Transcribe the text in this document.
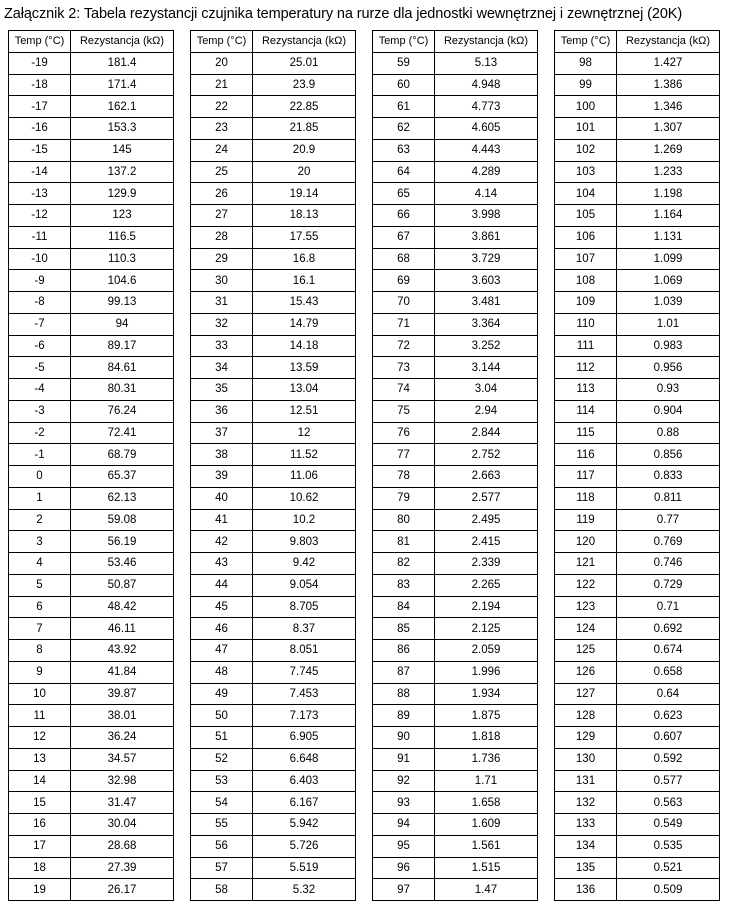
Załącznik 2: Tabela rezystancji czujnika temperatury na rurze dla jednostki wewnętrznej i zewnętrznej (20K)
Temp (°C)	Rezystancja (kΩ)
-19	181.4
-18	171.4
-17	162.1
-16	153.3
-15	145
-14	137.2
-13	129.9
-12	123
-11	116.5
-10	110.3
-9	104.6
-8	99.13
-7	94
-6	89.17
-5	84.61
-4	80.31
-3	76.24
-2	72.41
-1	68.79
0	65.37
1	62.13
2	59.08
3	56.19
4	53.46
5	50.87
6	48.42
7	46.11
8	43.92
9	41.84
10	39.87
11	38.01
12	36.24
13	34.57
14	32.98
15	31.47
16	30.04
17	28.68
18	27.39
19	26.17
Temp (°C)	Rezystancja (kΩ)
20	25.01
21	23.9
22	22.85
23	21.85
24	20.9
25	20
26	19.14
27	18.13
28	17.55
29	16.8
30	16.1
31	15.43
32	14.79
33	14.18
34	13.59
35	13.04
36	12.51
37	12
38	11.52
39	11.06
40	10.62
41	10.2
42	9.803
43	9.42
44	9.054
45	8.705
46	8.37
47	8.051
48	7.745
49	7.453
50	7.173
51	6.905
52	6.648
53	6.403
54	6.167
55	5.942
56	5.726
57	5.519
58	5.32
Temp (°C)	Rezystancja (kΩ)
59	5.13
60	4.948
61	4.773
62	4.605
63	4.443
64	4.289
65	4.14
66	3.998
67	3.861
68	3.729
69	3.603
70	3.481
71	3.364
72	3.252
73	3.144
74	3.04
75	2.94
76	2.844
77	2.752
78	2.663
79	2.577
80	2.495
81	2.415
82	2.339
83	2.265
84	2.194
85	2.125
86	2.059
87	1.996
88	1.934
89	1.875
90	1.818
91	1.736
92	1.71
93	1.658
94	1.609
95	1.561
96	1.515
97	1.47
Temp (°C)	Rezystancja (kΩ)
98	1.427
99	1.386
100	1.346
101	1.307
102	1.269
103	1.233
104	1.198
105	1.164
106	1.131
107	1.099
108	1.069
109	1.039
110	1.01
111	0.983
112	0.956
113	0.93
114	0.904
115	0.88
116	0.856
117	0.833
118	0.811
119	0.77
120	0.769
121	0.746
122	0.729
123	0.71
124	0.692
125	0.674
126	0.658
127	0.64
128	0.623
129	0.607
130	0.592
131	0.577
132	0.563
133	0.549
134	0.535
135	0.521
136	0.509
